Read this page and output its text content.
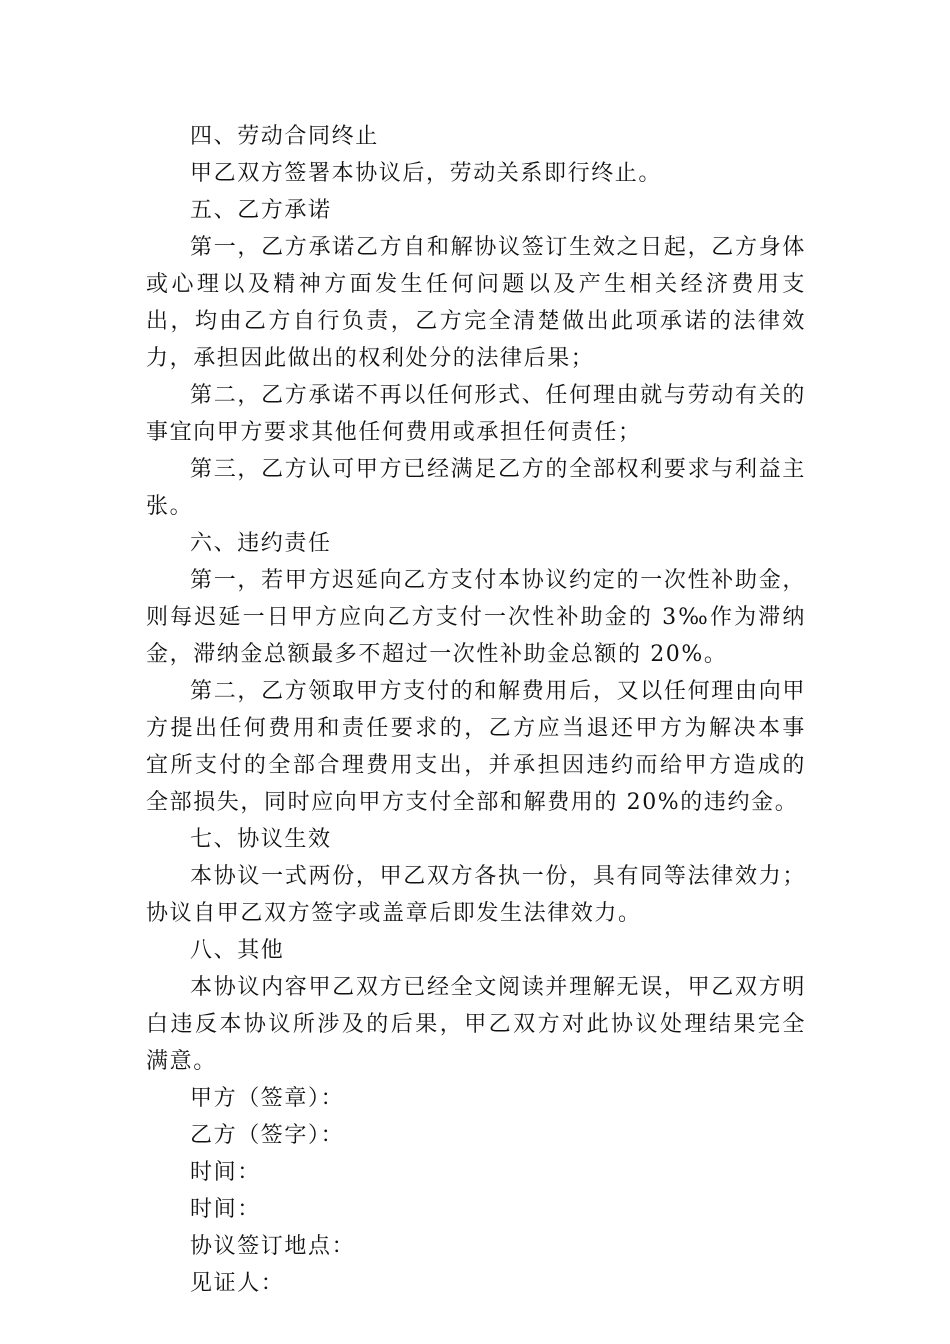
四、劳动合同终止

甲乙双方签署本协议后，劳动关系即行终止。

五、乙方承诺

第一，乙方承诺乙方自和解协议签订生效之日起，乙方身体或心理以及精神方面发生任何问题以及产生相关经济费用支出，均由乙方自行负责，乙方完全清楚做出此项承诺的法律效力，承担因此做出的权利处分的法律后果；

第二，乙方承诺不再以任何形式、任何理由就与劳动有关的事宜向甲方要求其他任何费用或承担任何责任；

第三，乙方认可甲方已经满足乙方的全部权利要求与利益主张。

六、违约责任

第一，若甲方迟延向乙方支付本协议约定的一次性补助金，则每迟延一日甲方应向乙方支付一次性补助金的 3‰作为滞纳金，滞纳金总额最多不超过一次性补助金总额的 20%。

第二，乙方领取甲方支付的和解费用后，又以任何理由向甲方提出任何费用和责任要求的，乙方应当退还甲方为解决本事宜所支付的全部合理费用支出，并承担因违约而给甲方造成的全部损失，同时应向甲方支付全部和解费用的 20%的违约金。

七、协议生效

本协议一式两份，甲乙双方各执一份，具有同等法律效力；协议自甲乙双方签字或盖章后即发生法律效力。

八、其他

本协议内容甲乙双方已经全文阅读并理解无误，甲乙双方明白违反本协议所涉及的后果，甲乙双方对此协议处理结果完全满意。

甲方（签章）：

乙方（签字）：

时间：

时间：

协议签订地点：

见证人：
